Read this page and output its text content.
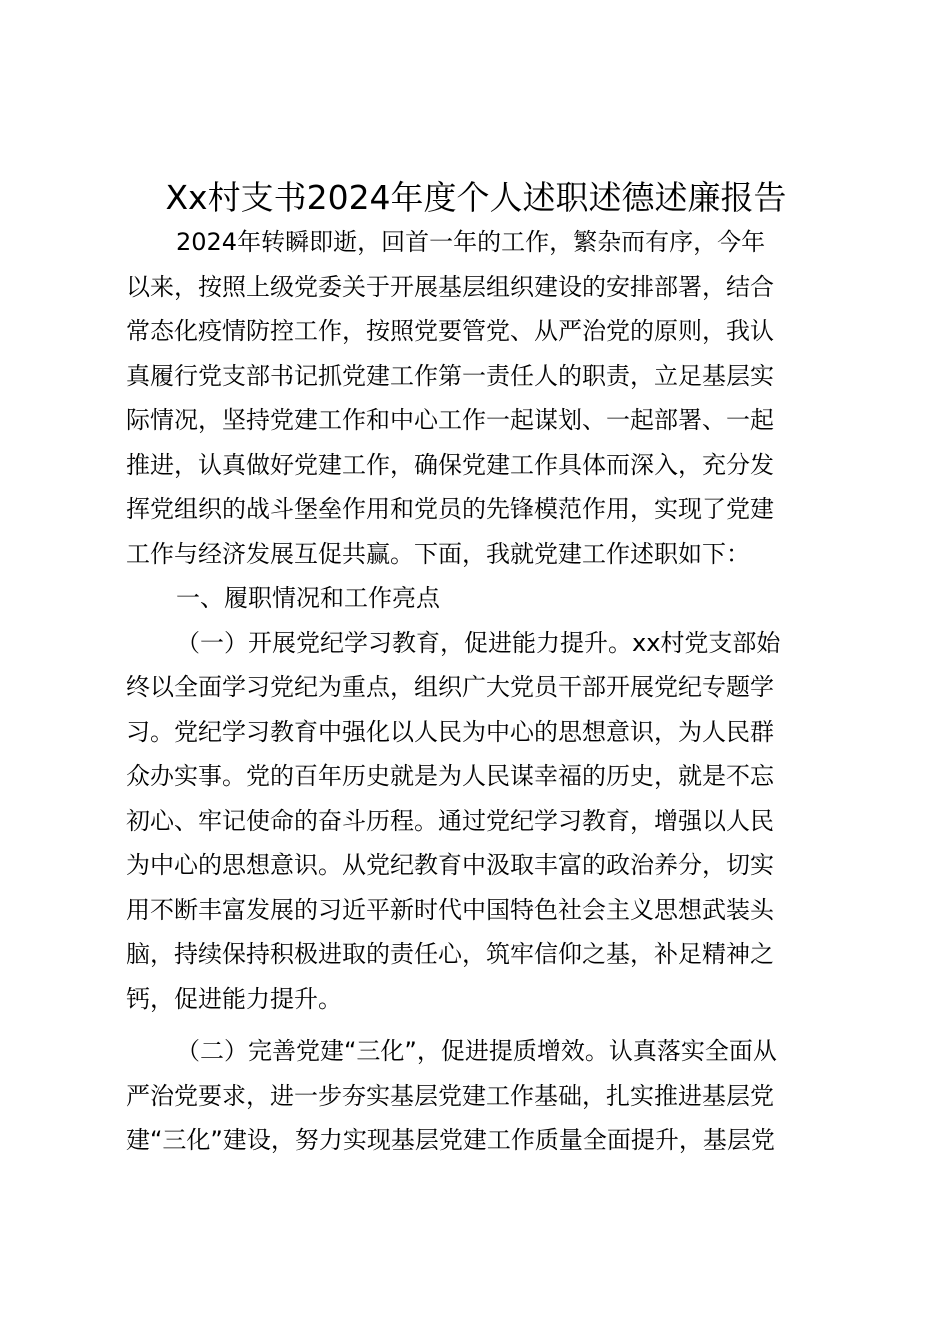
Xx村支书2024年度个人述职述德述廉报告
2024年转瞬即逝，回首一年的工作，繁杂而有序，今年
以来，按照上级党委关于开展基层组织建设的安排部署，结合
常态化疫情防控工作，按照党要管党、从严治党的原则，我认
真履行党支部书记抓党建工作第一责任人的职责，立足基层实
际情况，坚持党建工作和中心工作一起谋划、一起部署、一起
推进，认真做好党建工作，确保党建工作具体而深入，充分发
挥党组织的战斗堡垒作用和党员的先锋模范作用，实现了党建
工作与经济发展互促共赢。下面，我就党建工作述职如下：
一、履职情况和工作亮点
（一）开展党纪学习教育，促进能力提升。xx村党支部始
终以全面学习党纪为重点，组织广大党员干部开展党纪专题学
习。党纪学习教育中强化以人民为中心的思想意识，为人民群
众办实事。党的百年历史就是为人民谋幸福的历史，就是不忘
初心、牢记使命的奋斗历程。通过党纪学习教育，增强以人民
为中心的思想意识。从党纪教育中汲取丰富的政治养分，切实
用不断丰富发展的习近平新时代中国特色社会主义思想武装头
脑，持续保持积极进取的责任心，筑牢信仰之基，补足精神之
钙，促进能力提升。
（二）完善党建“三化”，促进提质增效。认真落实全面从
严治党要求，进一步夯实基层党建工作基础，扎实推进基层党
建“三化”建设，努力实现基层党建工作质量全面提升，基层党
